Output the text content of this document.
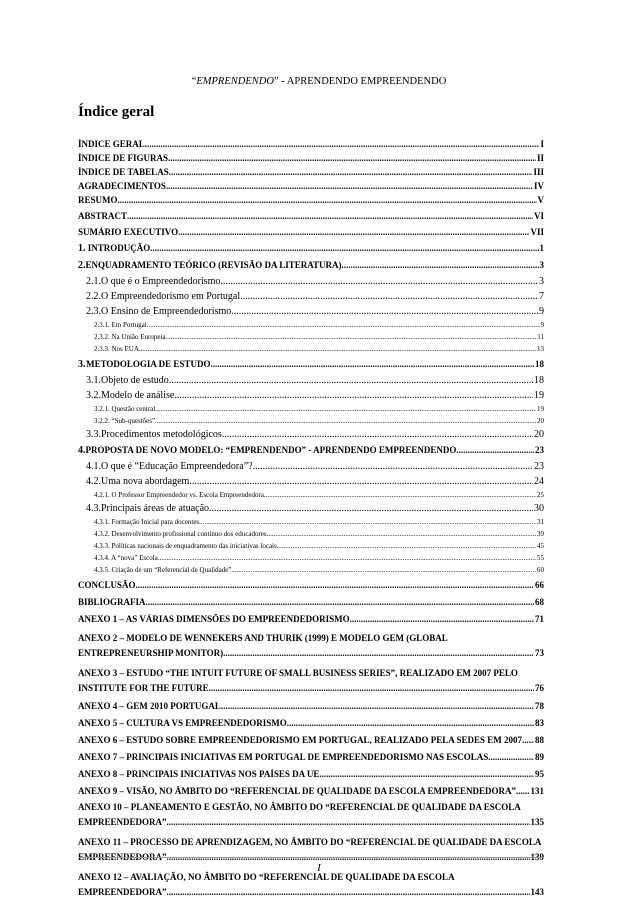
“EMPRENDENDO” - APRENDENDO EMPREENDENDO
Índice geral
ÍNDICE GERAL .....	I
ÍNDICE DE FIGURAS .....	II
ÍNDICE DE TABELAS .....	III
AGRADECIMENTOS .....	IV
RESUMO .....	V
ABSTRACT .....	VI
SUMÁRIO EXECUTIVO .....	VII
1. INTRODUÇÃO .....	1
2. ENQUADRAMENTO TEÓRICO (REVISÃO DA LITERATURA) .....	3
2.1. O que é o Empreendedorismo .....	3
2.2. O Empreendedorismo em Portugal .....	7
2.3. O Ensino de Empreendedorismo .....	9
2.3.1. Em Portugal .....	9
2.3.2. Na União Europeia .....	11
2.3.3. Nos EUA .....	13
3. METODOLOGIA DE ESTUDO .....	18
3.1. Objeto de estudo .....	18
3.2. Modelo de análise .....	19
3.2.1. Questão central .....	19
3.2.2. “Sub-questões” .....	20
3.3. Procedimentos metodológicos .....	20
4. PROPOSTA DE NOVO MODELO: “EMPRENDENDO” - APRENDENDO EMPREENDENDO .....	23
4.1. O que é “Educação Empreendedora”? .....	23
4.2. Uma nova abordagem .....	24
4.2.1. O Professor Empreendedor vs. Escola Empreendedora .....	25
4.3. Principais áreas de atuação .....	30
4.3.1. Formação Inicial para docentes .....	31
4.3.2. Desenvolvimento profissional contínuo dos educadores .....	39
4.3.3. Políticas nacionais de enquadramento das iniciativas locais .....	45
4.3.4. A “nova” Escola .....	55
4.3.5. Criação de um “Referencial de Qualidade” .....	60
CONCLUSÃO .....	66
BIBLIOGRAFIA .....	68
ANEXO 1 – AS VÁRIAS DIMENSÕES DO EMPREENDEDORISMO .....	71
ANEXO 2 – MODELO DE WENNEKERS AND THURIK (1999) E MODELO GEM (GLOBAL
ENTREPRENEURSHIP MONITOR) .....	73
ANEXO 3 – ESTUDO “THE INTUIT FUTURE OF SMALL BUSINESS SERIES”, REALIZADO EM 2007 PELO
INSTITUTE FOR THE FUTURE .....	76
ANEXO 4 – GEM 2010 PORTUGAL .....	78
ANEXO 5 – CULTURA VS EMPREENDEDORISMO .....	83
ANEXO 6 – ESTUDO SOBRE EMPREENDEDORISMO EM PORTUGAL, REALIZADO PELA SEDES EM 2007 ..... 88
ANEXO 7 – PRINCIPAIS INICIATIVAS EM PORTUGAL DE EMPREENDEDORISMO NAS ESCOLAS .....	89
ANEXO 8 – PRINCIPAIS INICIATIVAS NOS PAÍSES DA UE .....	95
ANEXO 9 – VISÃO, NO ÂMBITO DO “REFERENCIAL DE QUALIDADE DA ESCOLA EMPREENDEDORA” ..... 131
ANEXO 10 – PLANEAMENTO E GESTÃO, NO ÂMBITO DO “REFERENCIAL DE QUALIDADE DA ESCOLA
EMPREENDEDORA” .....	135
ANEXO 11 – PROCESSO DE APRENDIZAGEM, NO ÂMBITO DO “REFERENCIAL DE QUALIDADE DA ESCOLA
EMPREENDEDORA” .....	139
ANEXO 12 – AVALIAÇÃO, NO ÂMBITO DO “REFERENCIAL DE QUALIDADE DA ESCOLA
EMPREENDEDORA” .....	143
I
